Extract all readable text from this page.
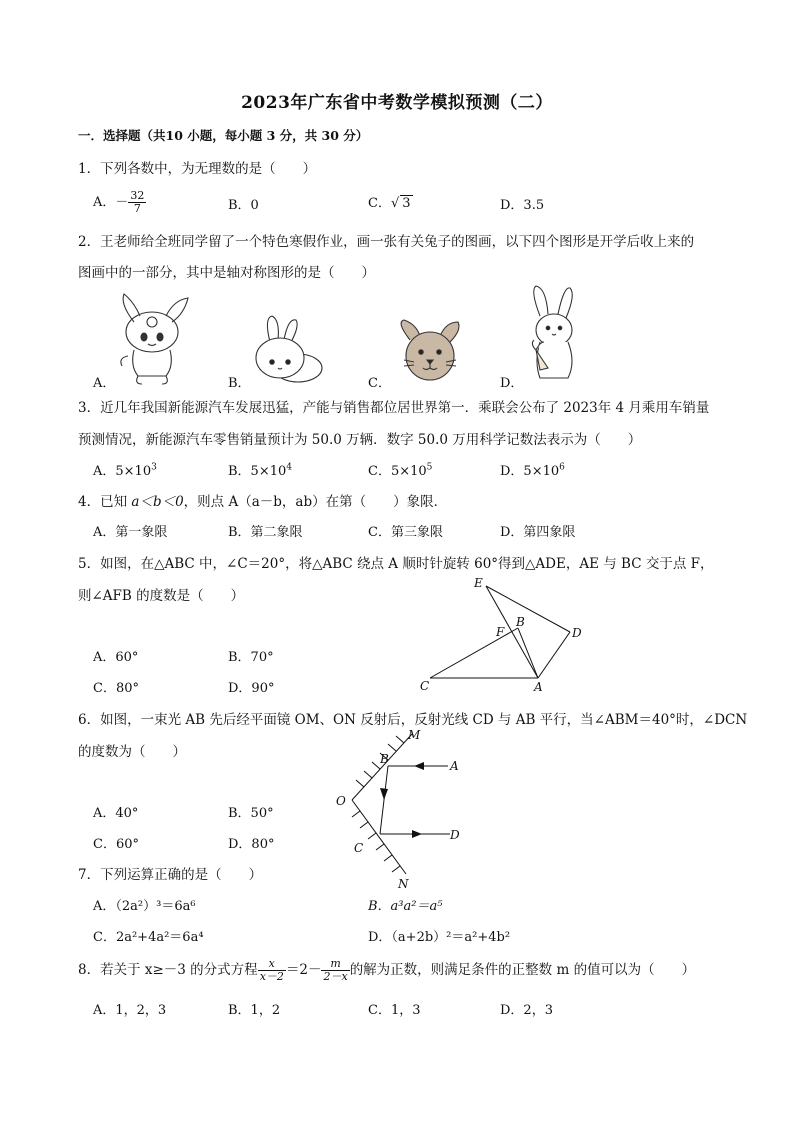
2023年广东省中考数学模拟预测（二）
一．选择题（共10 小题，每小题 3 分，共 30 分）
1．下列各数中，为无理数的是（　　）
A．－ $\frac{32}{7}$	B．0	C．√ 3	D．3.5
2．王老师给全班同学留了一个特色寒假作业，画一张有关兔子的图画，以下四个图形是开学后收上来的
图画中的一部分，其中是轴对称图形的是（　　）
A．	B．	C．	D．
3．近几年我国新能源汽车发展迅猛，产能与销售都位居世界第一．乘联会公布了 2023年 4 月乘用车销量
预测情况，新能源汽车零售销量预计为 50.0 万辆．数字 50.0 万用科学记数法表示为（　　）
A．$5\times 10^3$	B．$5\times 10^4$	C．$5\times 10^5$	D．$5\times 10^6$
4．已知 a＜b＜0，则点 A（a－b，ab）在第（　　）象限．
A．第一象限	B．第二象限	C．第三象限	D．第四象限
5．如图，在△ABC 中，∠C＝20°，将△ABC 绕点 A 顺时针旋转 60°得到△ADE，AE 与 BC 交于点 F，
则∠AFB 的度数是（　　）
A．60°	B．70°
C．80°	D．90°
E
F
B
D
C	A
6．如图，一束光 AB 先后经平面镜 OM、ON 反射后，反射光线 CD 与 AB 平行，当∠ABM＝40°时，∠DCN
的度数为（　　）
A．40°	B．50°
C．60°	D．80°
M
B	A
O
C
D
N
7．下列运算正确的是（　　）
A．（2a²）³＝6a⁶	B．a³a²＝a⁵
C．2a²+4a²＝6a⁴	D．（a+2b）²＝a²+4b²
8．若关于 x≥－3 的分式方程 $\frac{x}{x-2} =2- \frac{m}{2-x}$ 的解为正数，则满足条件的正整数 m 的值可以为（　　）
A．1，2，3	B．1，2	C．1，3	D．2，3
